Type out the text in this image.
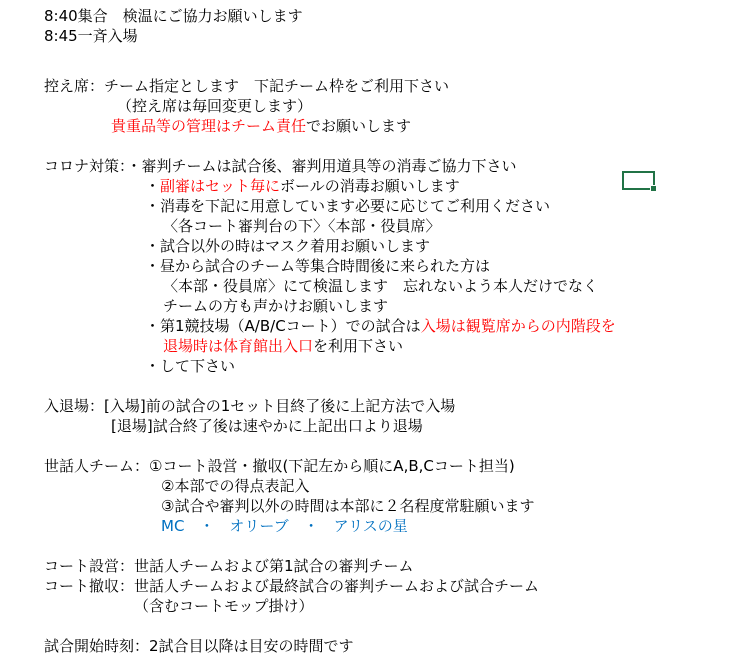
8:40集合　検温にご協力お願いします
8:45一斉入場
控え席：チーム指定とします　下記チーム枠をご利用下さい
（控え席は毎回変更します）
貴重品等の管理はチーム責任でお願いします
コロナ対策：・審判チームは試合後、審判用道具等の消毒ご協力下さい
・副審はセット毎にボールの消毒お願いします
・消毒を下記に用意しています必要に応じてご利用ください
〈各コート審判台の下〉〈本部・役員席〉
・試合以外の時はマスク着用お願いします
・昼から試合のチーム等集合時間後に来られた方は
〈本部・役員席〉にて検温します　忘れないよう本人だけでなく
チームの方も声かけお願いします
・第1競技場（A/B/Cコート）での試合は入場は観覧席からの内階段を
退場時は体育館出入口を利用下さい
・して下さい
入退場：[入場]前の試合の1セット目終了後に上記方法で入場
[退場]試合終了後は速やかに上記出口より退場
世話人チーム：①コート設営・撤収(下記左から順にA,B,Cコート担当)
②本部での得点表記入
③試合や審判以外の時間は本部に２名程度常駐願います
MC　・　オリーブ　・　アリスの星
コート設営：世話人チームおよび第1試合の審判チーム
コート撤収：世話人チームおよび最終試合の審判チームおよび試合チーム
（含むコートモップ掛け）
試合開始時刻：2試合目以降は目安の時間です
